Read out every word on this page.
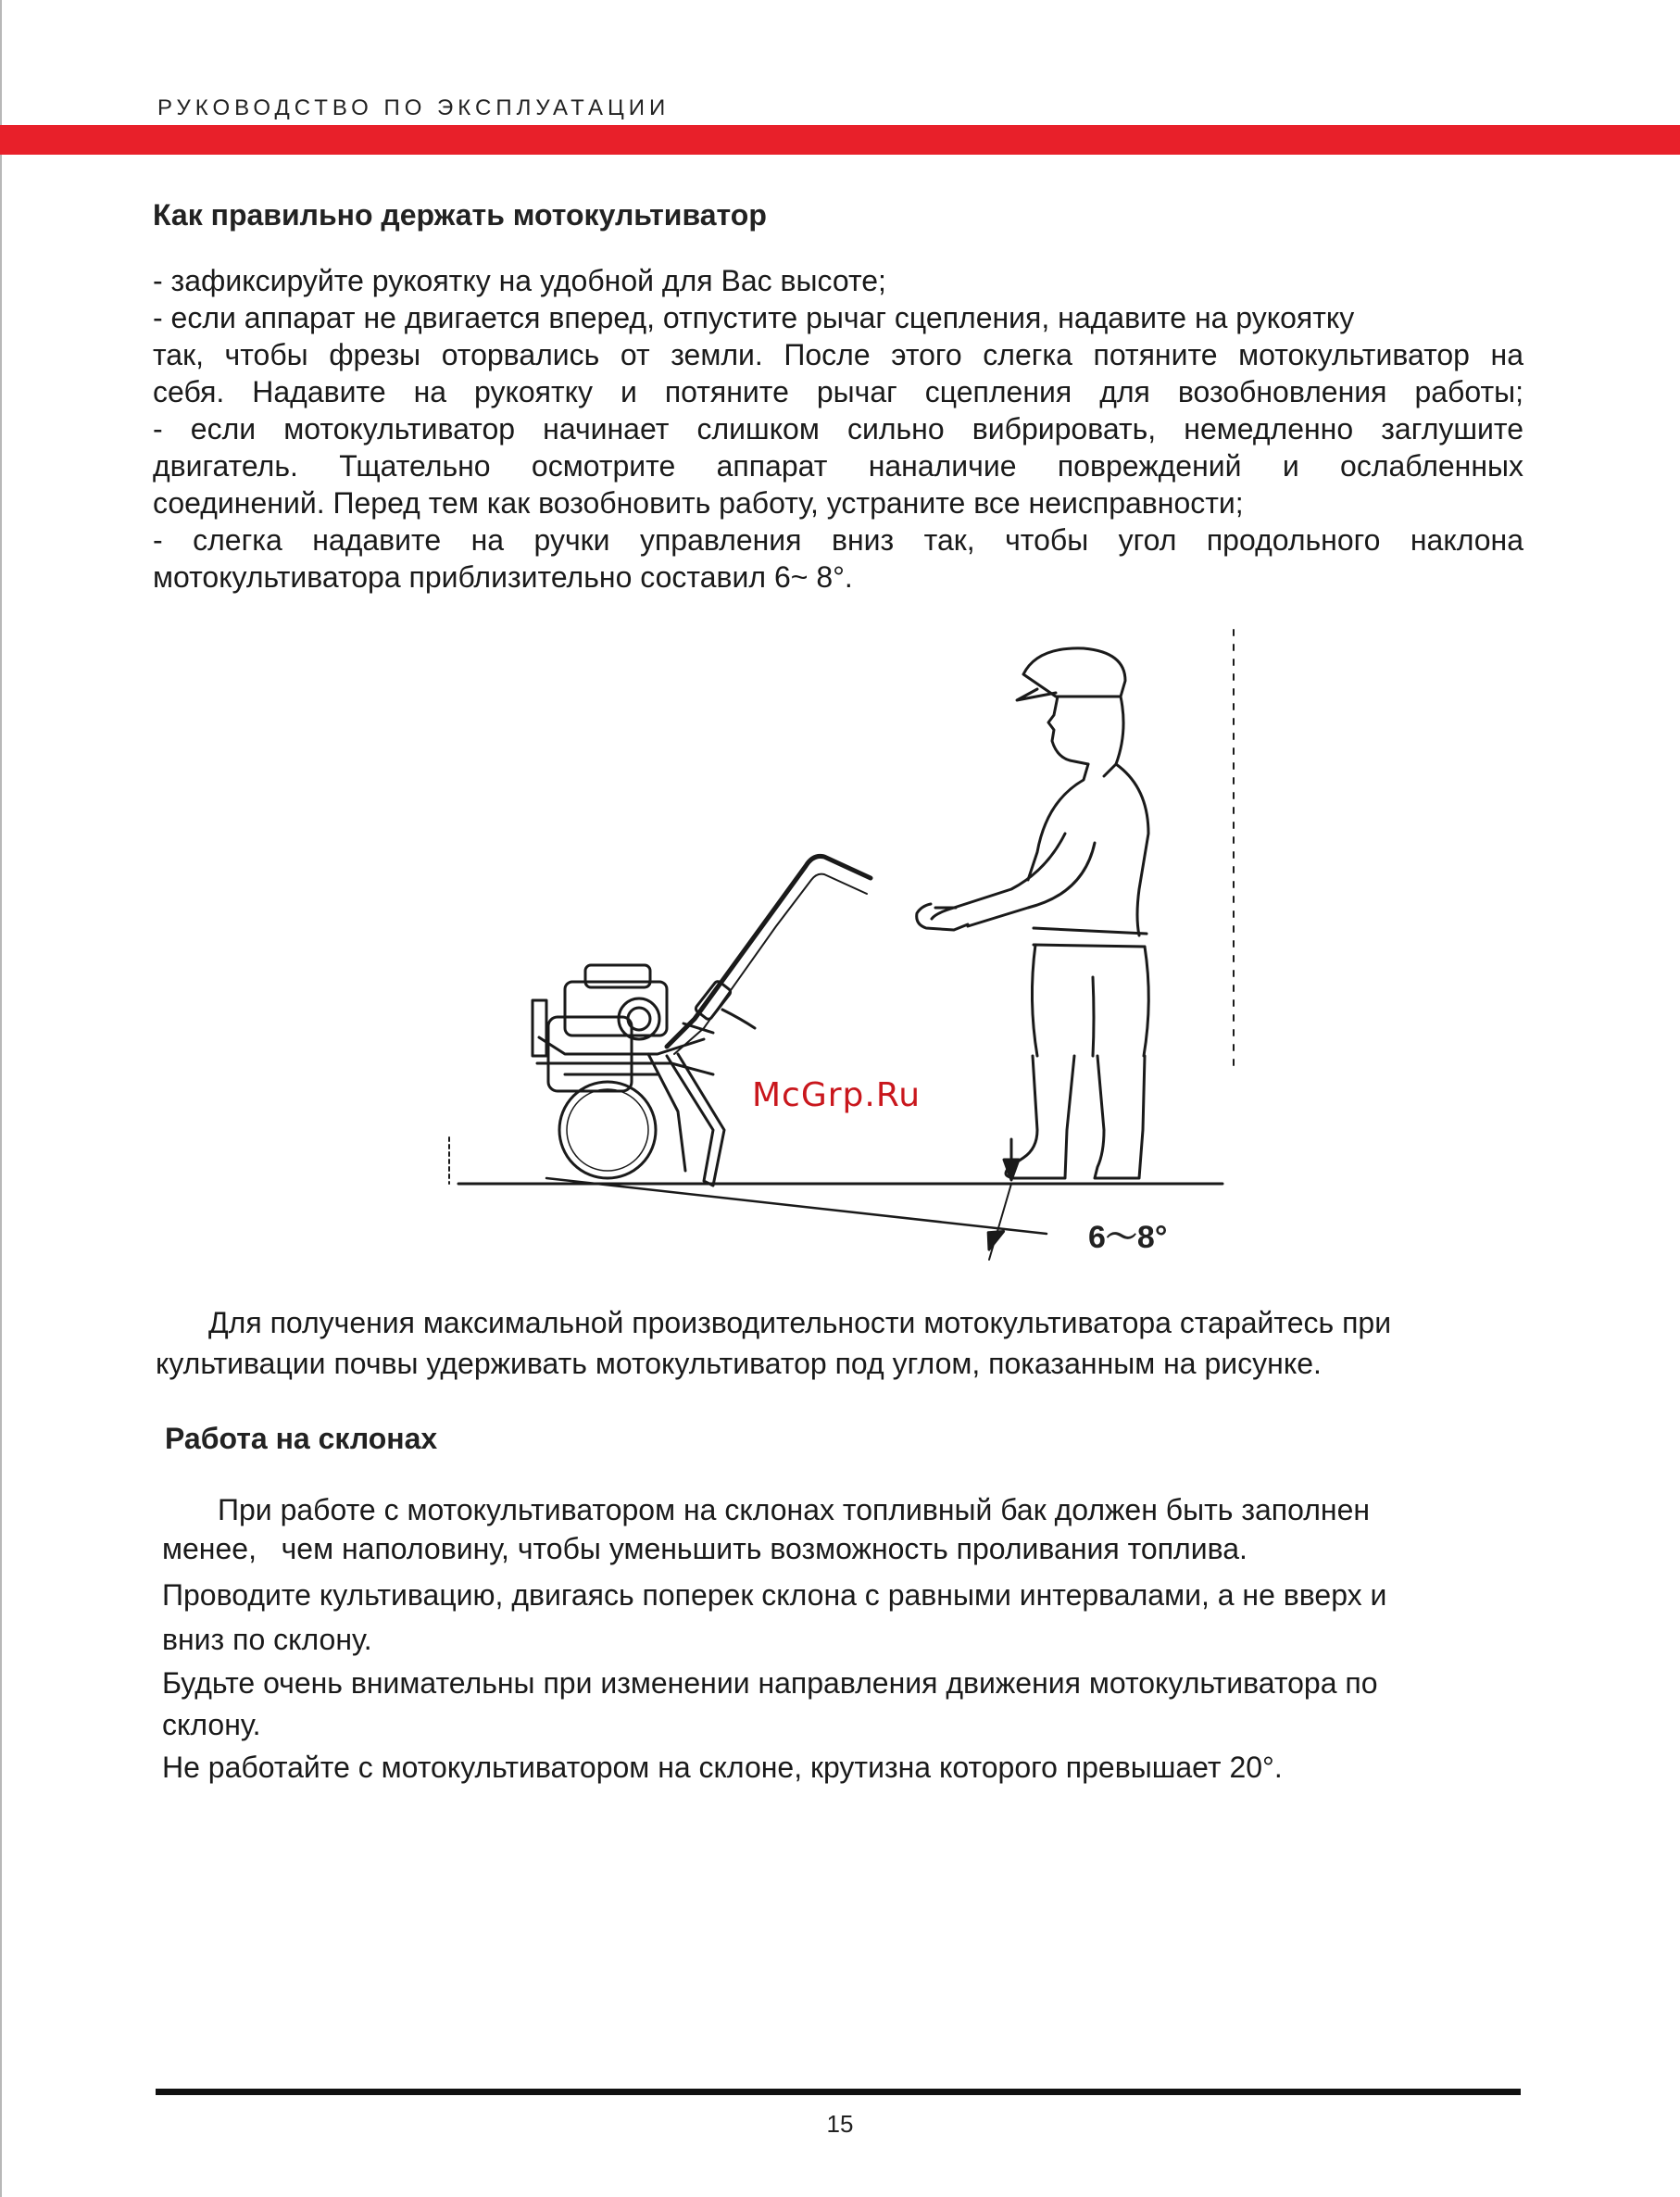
РУКОВОДСТВО ПО ЭКСПЛУАТАЦИИ
Как правильно держать мотокультиватор
- зафиксируйте рукоятку на удобной для Вас высоте;
- если аппарат не двигается вперед, отпустите рычаг сцепления, надавите на рукоятку
так, чтобы фрезы оторвались от земли. После этого слегка потяните мотокультиватор на
себя. Надавите на рукоятку и потяните рычаг сцепления для возобновления работы;
- если мотокультиватор начинает слишком сильно вибрировать, немедленно заглушите
двигатель. Тщательно осмотрите аппарат наналичие повреждений и ослабленных
соединений. Перед тем как возобновить работу, устраните все неисправности;
- слегка надавите на ручки управления вниз так, чтобы угол продольного наклона
мотокультиватора приблизительно составил 6~ 8°.
McGrp.Ru
6～8°
Для получения максимальной производительности мотокультиватора старайтесь при
культивации почвы удерживать мотокультиватор под углом, показанным на рисунке.
Работа на склонах
При работе с мотокультиватором на склонах топливный бак должен быть заполнен
менее,   чем наполовину, чтобы уменьшить возможность проливания топлива.
Проводите культивацию, двигаясь поперек склона с равными интервалами, а не вверх и
вниз по склону.
Будьте очень внимательны при изменении направления движения мотокультиватора по
склону.
Не работайте с мотокультиватором на склоне, крутизна которого превышает 20°.
15
